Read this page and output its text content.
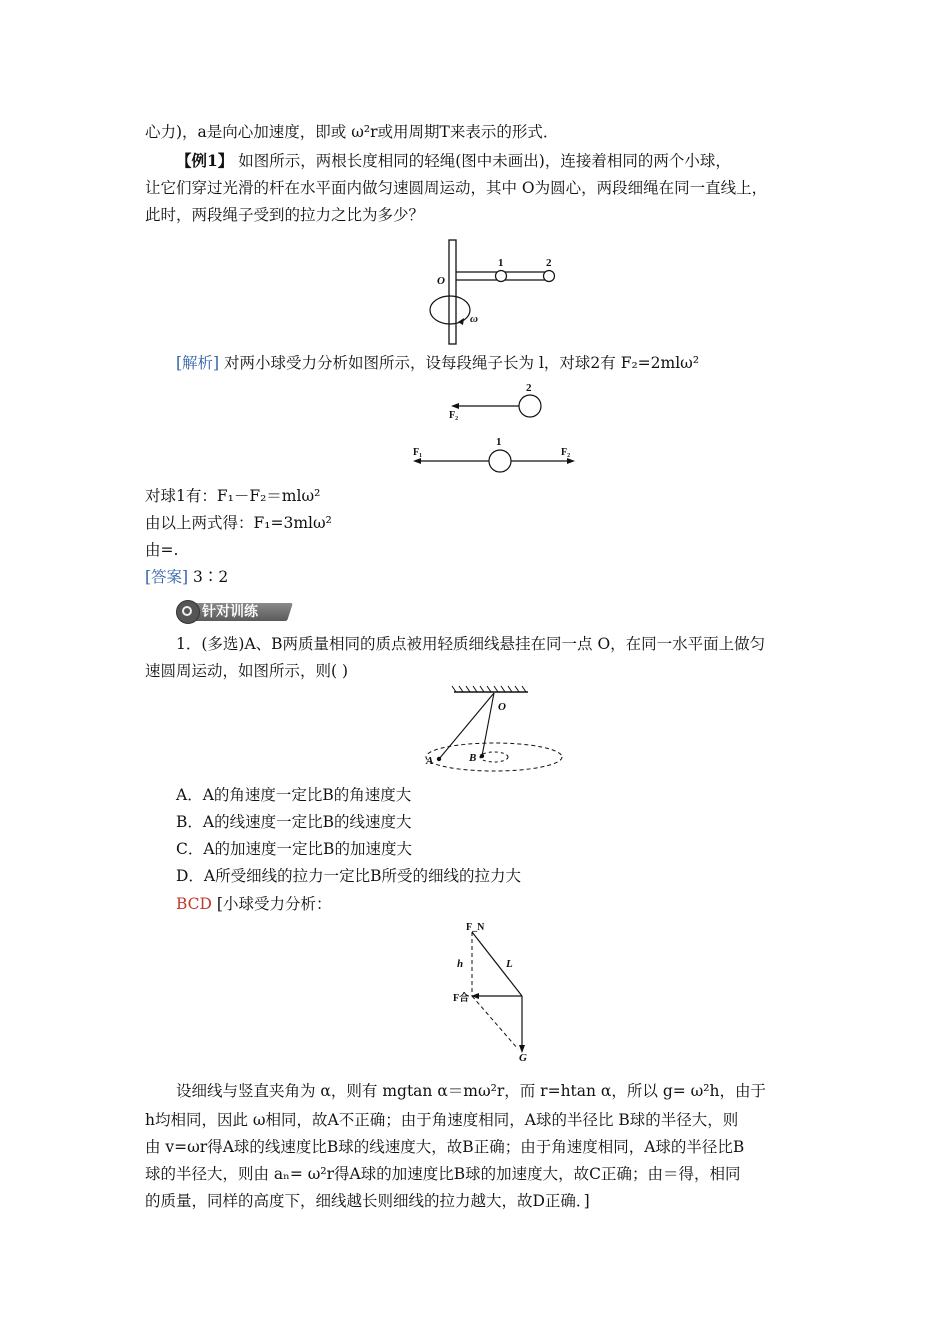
心力)，a是向心加速度，即或 ω²r或用周期T来表示的形式．
【例1】 如图所示，两根长度相同的轻绳(图中未画出)，连接着相同的两个小球，
让它们穿过光滑的杆在水平面内做匀速圆周运动，其中 O为圆心，两段细绳在同一直线上，
此时，两段绳子受到的拉力之比为多少？
O
1	2
ω
[解析] 对两小球受力分析如图所示，设每段绳子长为 l，对球2有 F₂=2mlω²
2
F₂
1
F₁	F₂
对球1有：F₁－F₂＝mlω²
由以上两式得：F₁=3mlω²
由=.
[答案] 3∶2
针对训练
1．(多选)A、B两质量相同的质点被用轻质细线悬挂在同一点 O，在同一水平面上做匀
速圆周运动，如图所示，则( )
O
A	B
A．A的角速度一定比B的角速度大
B．A的线速度一定比B的线速度大
C．A的加速度一定比B的加速度大
D．A所受细线的拉力一定比B所受的细线的拉力大
BCD [小球受力分析：
F_N
h	L
F合
G
设细线与竖直夹角为 α，则有 mgtan α＝mω²r，而 r=htan α，所以 g= ω²h，由于
h均相同，因此 ω相同，故A不正确；由于角速度相同，A球的半径比 B球的半径大，则
由 v=ωr得A球的线速度比B球的线速度大，故B正确；由于角速度相同，A球的半径比B
球的半径大，则由 aₙ= ω²r得A球的加速度比B球的加速度大，故C正确；由＝得，相同
的质量，同样的高度下，细线越长则细线的拉力越大，故D正确．]
